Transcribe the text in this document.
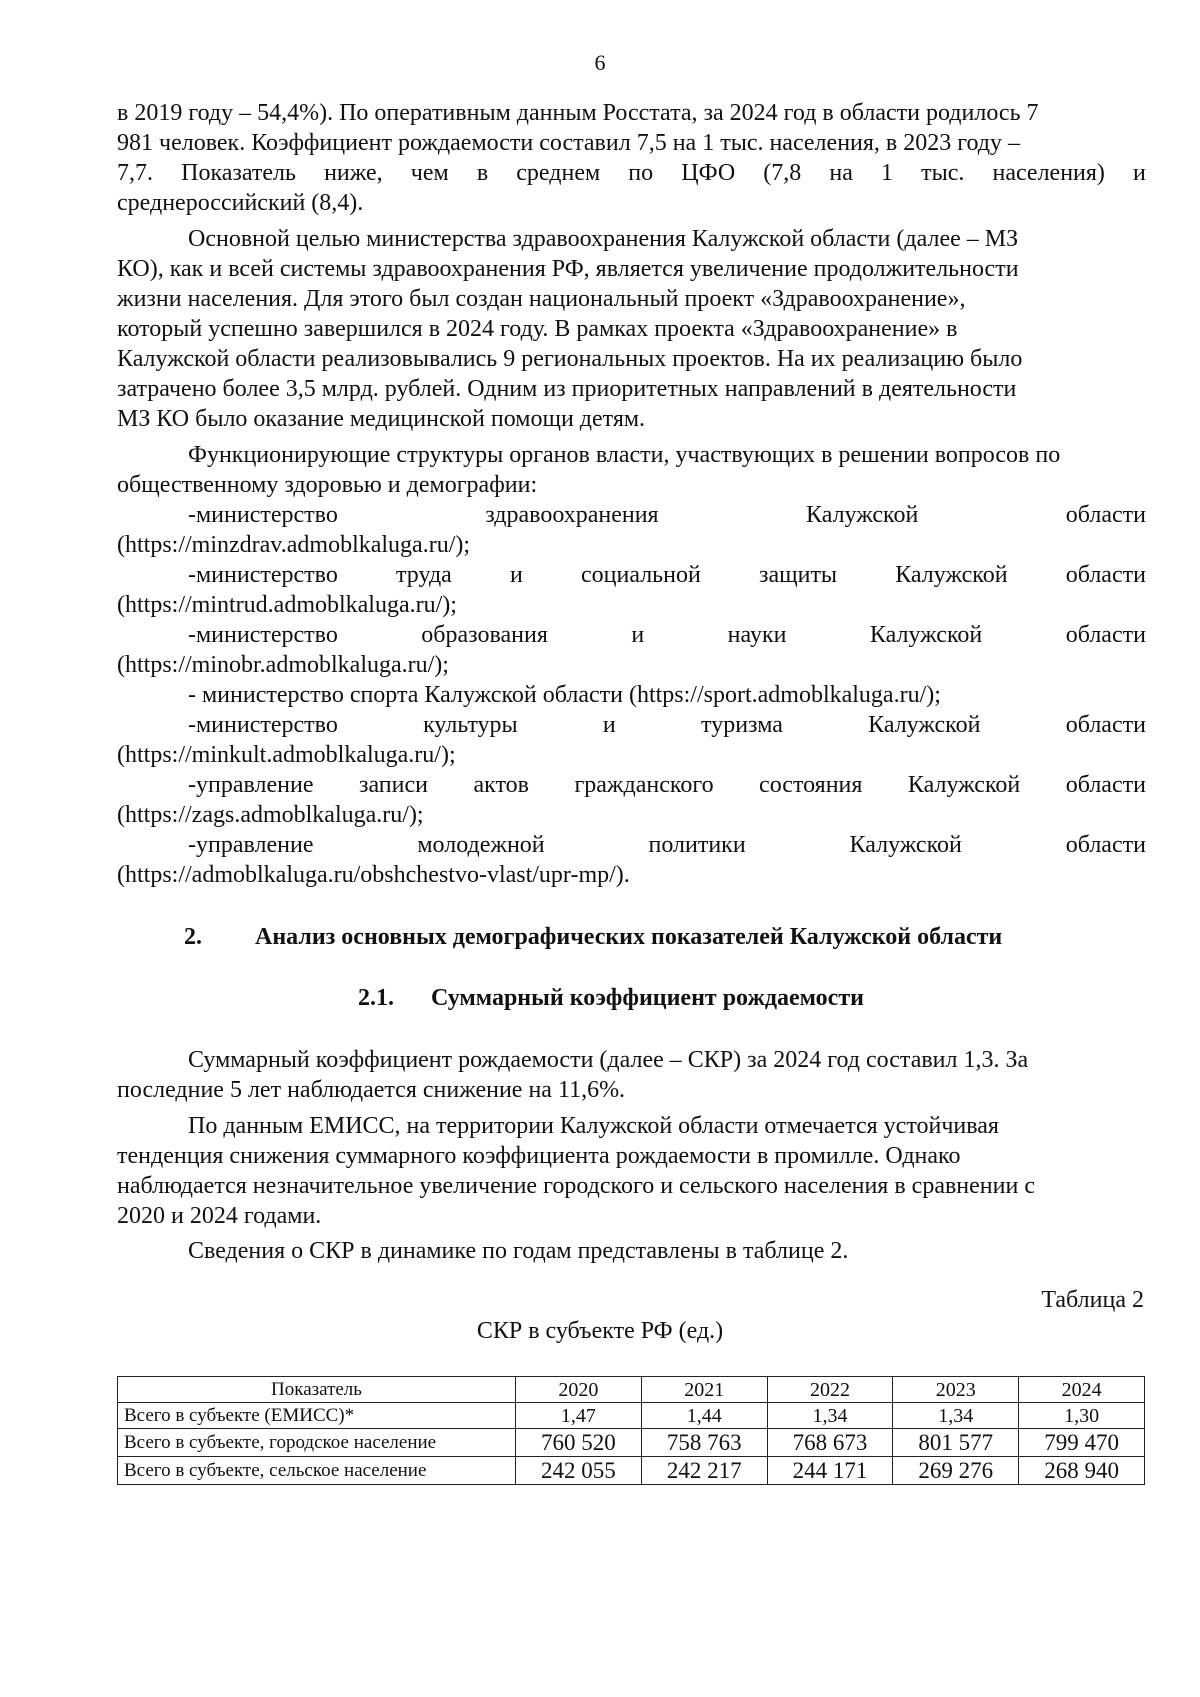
6
в 2019 году – 54,4%). По оперативным данным Росстата, за 2024 год в области родилось 7
981 человек. Коэффициент рождаемости составил 7,5 на 1 тыс. населения, в 2023 году –
7,7. Показатель ниже, чем в среднем по ЦФО (7,8 на 1 тыс. населения) и
среднероссийский (8,4).
Основной целью министерства здравоохранения Калужской области (далее – МЗ
КО), как и всей системы здравоохранения РФ, является увеличение продолжительности
жизни населения. Для этого был создан национальный проект «Здравоохранение»,
который успешно завершился в 2024 году. В рамках проекта «Здравоохранение» в
Калужской области реализовывались 9 региональных проектов. На их реализацию было
затрачено более 3,5 млрд. рублей. Одним из приоритетных направлений в деятельности
МЗ КО было оказание медицинской помощи детям.
Функционирующие структуры органов власти, участвующих в решении вопросов по
общественному здоровью и демографии:
-министерство	здравоохранения	Калужской	области
(https://minzdrav.admoblkaluga.ru/);
-министерство труда и социальной защиты Калужской области
(https://mintrud.admoblkaluga.ru/);
-министерство	образования	и	науки	Калужской	области
(https://minobr.admoblkaluga.ru/);
- министерство спорта Калужской области (https://sport.admoblkaluga.ru/);
-министерство	культуры	и	туризма	Калужской	области
(https://minkult.admoblkaluga.ru/);
-управление записи актов гражданского состояния Калужской области
(https://zags.admoblkaluga.ru/);
-управление	молодежной	политики	Калужской	области
(https://admoblkaluga.ru/obshchestvo-vlast/upr-mp/).
2. Анализ основных демографических показателей Калужской области
2.1. Суммарный коэффициент рождаемости
Суммарный коэффициент рождаемости (далее – СКР) за 2024 год составил 1,3. За
последние 5 лет наблюдается снижение на 11,6%.
По данным ЕМИСС, на территории Калужской области отмечается устойчивая
тенденция снижения суммарного коэффициента рождаемости в промилле. Однако
наблюдается незначительное увеличение городского и сельского населения в сравнении с
2020 и 2024 годами.
Сведения о СКР в динамике по годам представлены в таблице 2.
Таблица 2
СКР в субъекте РФ (ед.)
Показатель	2020	2021	2022	2023	2024
Всего в субъекте (ЕМИСС)*	1,47	1,44	1,34	1,34	1,30
Всего в субъекте, городское население	760 520	758 763	768 673	801 577	799 470
Всего в субъекте, сельское население	242 055	242 217	244 171	269 276	268 940
